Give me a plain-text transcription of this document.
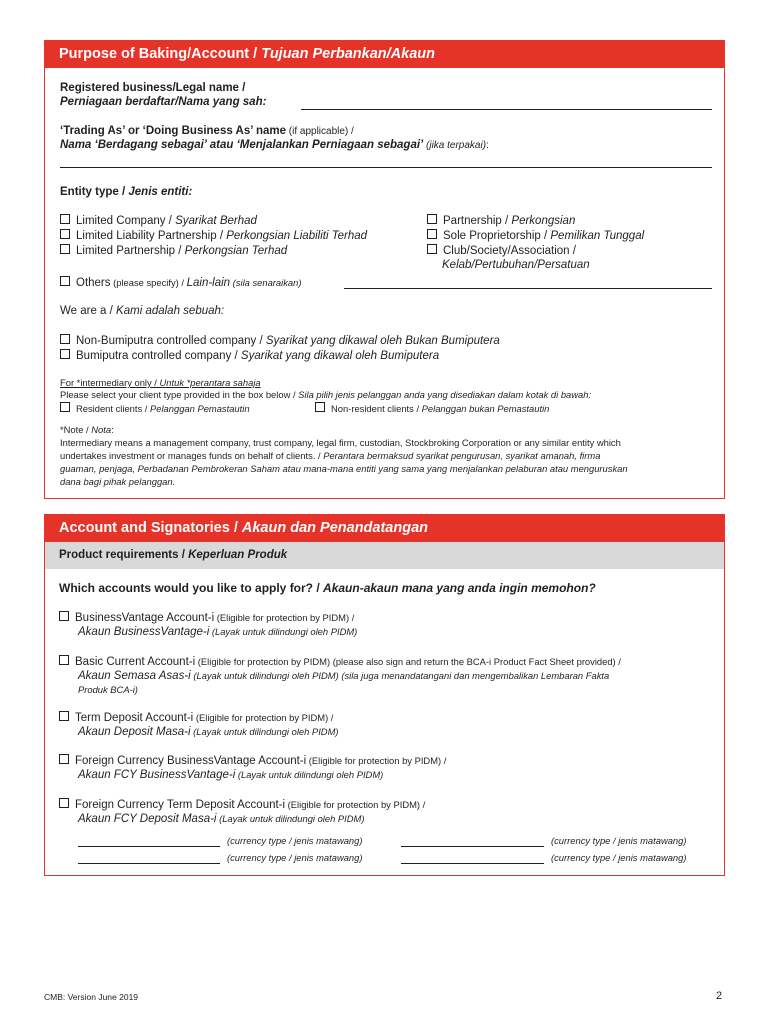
Purpose of Baking/Account / Tujuan Perbankan/Akaun
Registered business/Legal name /
Perniagaan berdaftar/Nama yang sah:
‘Trading As’ or ‘Doing Business As’ name (if applicable) /
Nama ‘Berdagang sebagai’ atau ‘Menjalankan Perniagaan sebagai’ (jika terpakai):
Entity type / Jenis entiti:
Limited Company / Syarikat Berhad
Limited Liability Partnership / Perkongsian Liabiliti Terhad
Limited Partnership / Perkongsian Terhad
Partnership / Perkongsian
Sole Proprietorship / Pemilikan Tunggal
Club/Society/Association /
Kelab/Pertubuhan/Persatuan
Others (please specify) / Lain-lain (sila senaraikan)
We are a / Kami adalah sebuah:
Non-Bumiputra controlled company / Syarikat yang dikawal oleh Bukan Bumiputera
Bumiputra controlled company / Syarikat yang dikawal oleh Bumiputera
For *intermediary only / Untuk *perantara sahaja
Please select your client type provided in the box below / Sila pilih jenis pelanggan anda yang disediakan dalam kotak di bawah:
Resident clients / Pelanggan Pemastautin	Non-resident clients / Pelanggan bukan Pemastautin
*Note / Nota:
Intermediary means a management company, trust company, legal firm, custodian, Stockbroking Corporation or any similar entity which
undertakes investment or manages funds on behalf of clients. / Perantara bermaksud syarikat pengurusan, syarikat amanah, firma
guaman, penjaga, Perbadanan Pembrokeran Saham atau mana-mana entiti yang sama yang menjalankan pelaburan atau menguruskan
dana bagi pihak pelanggan.
Account and Signatories / Akaun dan Penandatangan
Product requirements / Keperluan Produk
Which accounts would you like to apply for? / Akaun-akaun mana yang anda ingin memohon?
BusinessVantage Account-i (Eligible for protection by PIDM) /
Akaun BusinessVantage-i (Layak untuk dilindungi oleh PIDM)
Basic Current Account-i (Eligible for protection by PIDM) (please also sign and return the BCA-i Product Fact Sheet provided) /
Akaun Semasa Asas-i (Layak untuk dilindungi oleh PIDM) (sila juga menandatangani dan mengembalikan Lembaran Fakta
Produk BCA-i)
Term Deposit Account-i (Eligible for protection by PIDM) /
Akaun Deposit Masa-i (Layak untuk dilindungi oleh PIDM)
Foreign Currency BusinessVantage Account-i (Eligible for protection by PIDM) /
Akaun FCY BusinessVantage-i (Layak untuk dilindungi oleh PIDM)
Foreign Currency Term Deposit Account-i (Eligible for protection by PIDM) /
Akaun FCY Deposit Masa-i (Layak untuk dilindungi oleh PIDM)
(currency type / jenis matawang)	(currency type / jenis matawang)
(currency type / jenis matawang)	(currency type / jenis matawang)
CMB: Version June 2019	2
